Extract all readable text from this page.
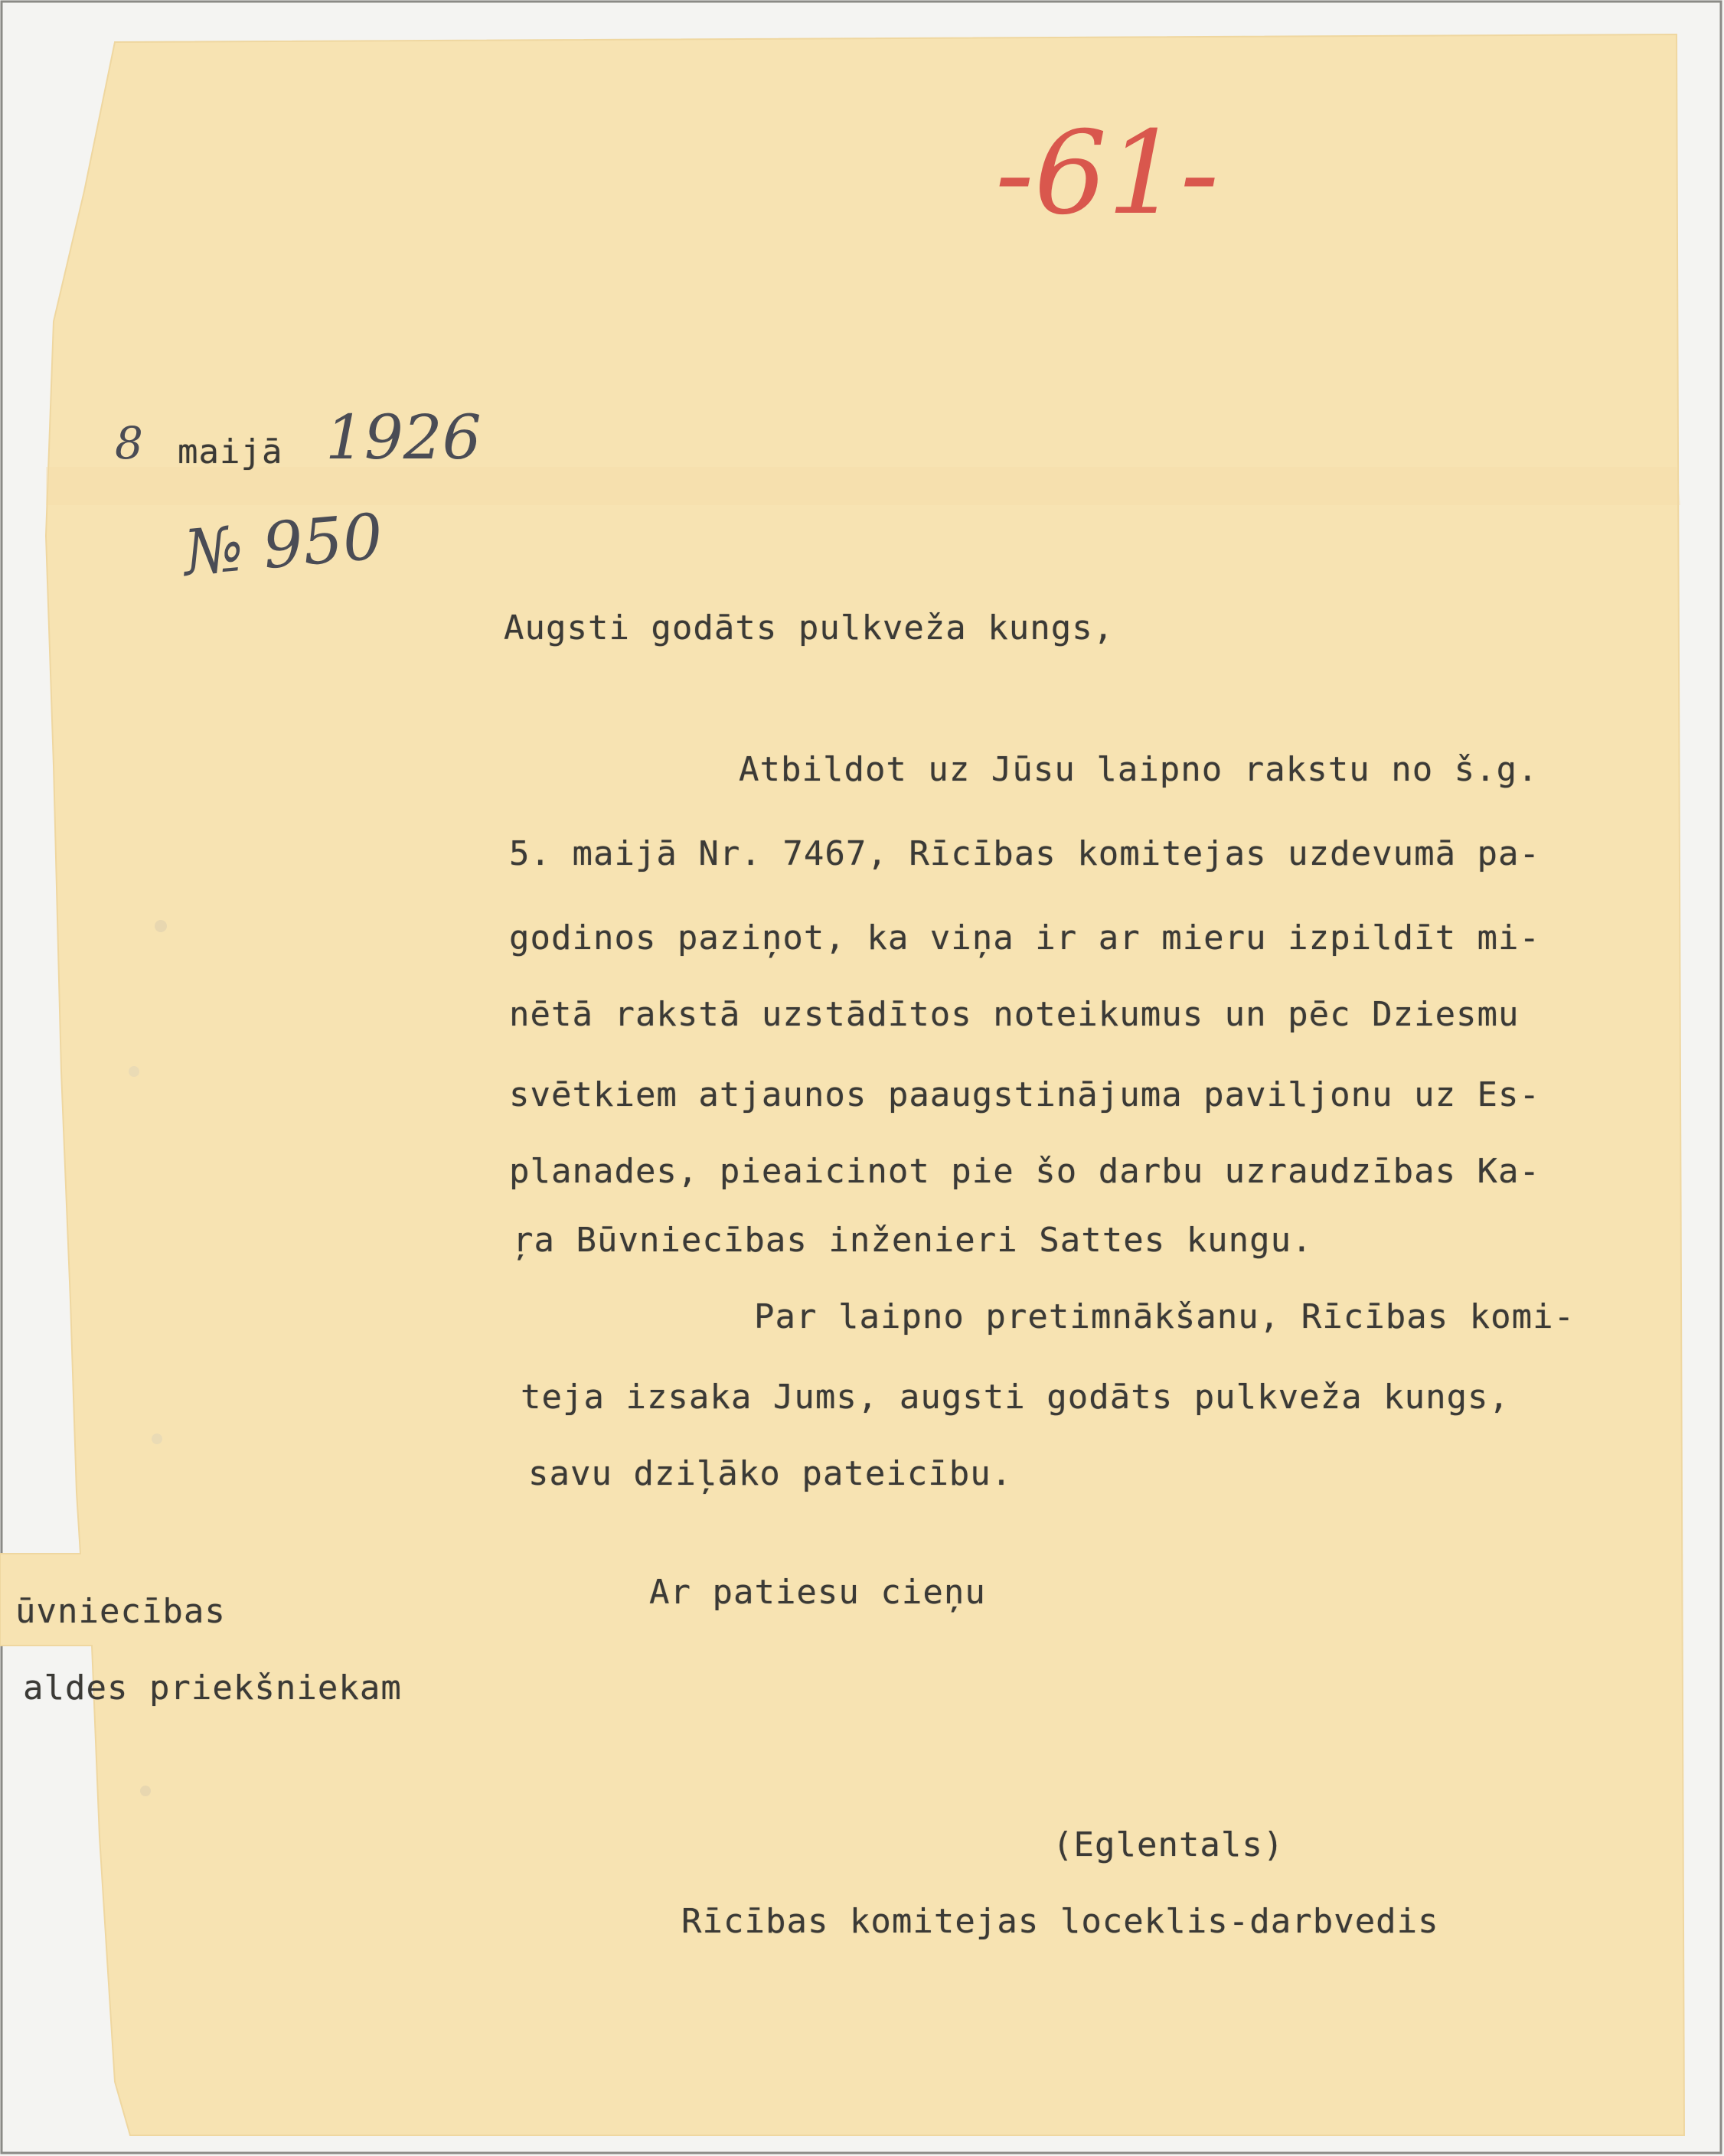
-61-
8 maijā 1926
№ 950
Augsti godāts pulkveža kungs,
Atbildot uz Jūsu laipno rakstu no š.g.
5. maijā Nr. 7467, Rīcības komitejas uzdevumā pa-
godinos paziņot, ka viņa ir ar mieru izpildīt mi-
nētā rakstā uzstādītos noteikumus un pēc Dziesmu
svētkiem atjaunos paaugstinājuma paviljonu uz Es-
planades, pieaicinot pie šo darbu uzraudzības Ka-
ŗa Būvniecības inženieri Sattes kungu.
Par laipno pretimnākšanu, Rīcības komi-
teja izsaka Jums, augsti godāts pulkveža kungs,
savu dziļāko pateicību.
Ar patiesu cieņu
ūvniecības
aldes priekšniekam
(Eglentals)
Rīcības komitejas loceklis-darbvedis
